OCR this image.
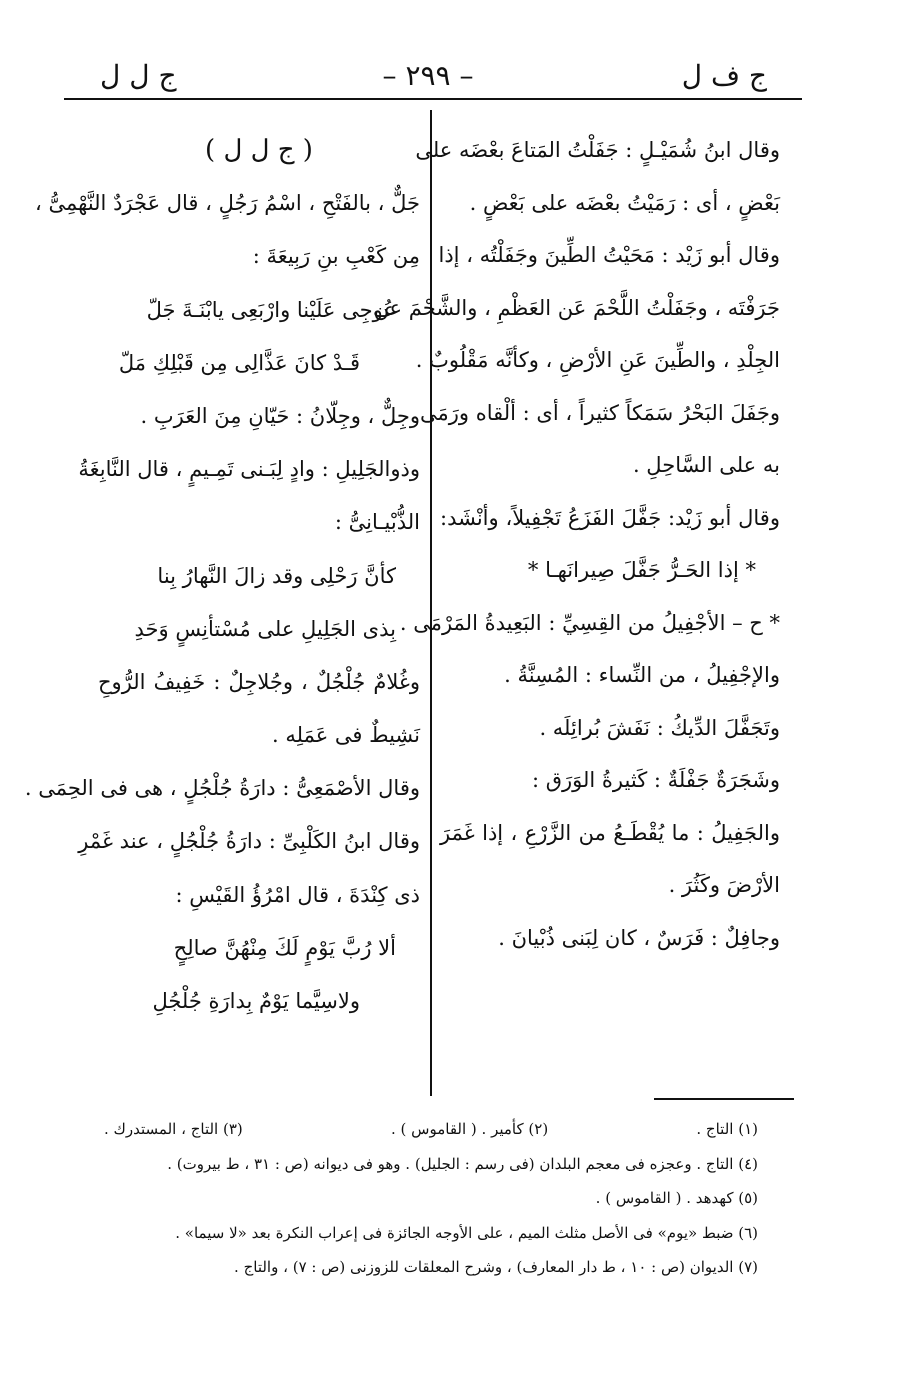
ج ف ل
– ٢٩٩ –
ج ل ل
وقال ابنُ شُمَيْـلٍ : جَفَلْتُ المَتاعَ بعْضَه على
بَعْضٍ ، أى : رَمَيْتُ بعْضَه على بَعْضٍ .
وقال أبو زَيْد : مَحَيْتُ الطِّينَ وجَفَلْتُه ، إذا
جَرَفْتَه ، وجَفَلْتُ اللَّحْمَ عَن العَظْمِ ، والشَّحْمَ عن
الجِلْدِ ، والطِّينَ عَنِ الأرْضِ ، وكأنَّه مَقْلُوبٌ .
وجَفَلَ البَحْرُ سَمَكاً كثيراً ، أى : ألْقاه ورَمَى
به على السَّاحِلِ .
وقال أبو زَيْد: جَفَّلَ الفَزَعُ تَجْفِيلاً، وأنْشَد:
* إذا الحَـرُّ جَفَّلَ صِيرانَهـا *
* ح – الأجْفِيلُ من القِسِيِّ : البَعِيدةُ المَرْمَى .
والإجْفِيلُ ، من النِّساء : المُسِنَّةُ .
وتَجَفَّلَ الدِّيكُ : نَفَشَ بُرائِلَه .
وشَجَرَةٌ جَفْلَةٌ : كَثيرةُ الوَرَق :
والجَفِيلُ : ما يُقْطَـعُ من الزَّرْعِ ، إذا غَمَرَ
الأرْضَ وكَثُرَ .
وجافِلٌ : فَرَسٌ ، كان لِبَنى ذُبْيانَ .
( ج ل ل )
جَلٌّ ، بالفَتْحِ ، اسْمُ رَجُلٍ ، قال عَجْرَدٌ النَّهْمِىُّ ،
مِن كَعْبِ بنِ رَبِيعَةَ :
عُوجِى عَلَيْنا وارْبَعِى يابْنَـةَ جَلّ
قَـدْ كانَ عَذَّالِى مِن قَبْلِكِ مَلّ
وجِلٌّ ، وجِلّانُ : حَيّانِ مِنَ العَرَبِ .
وذوالجَلِيلِ : وادٍ لِبَـنى تَمِـيمٍ ، قال النَّابِغَةُ
الذُّبْيـانِىُّ :
كأنَّ رَحْلِى وقد زالَ النَّهارُ بِنا
بِذى الجَلِيلِ على مُسْتأنِسٍ وَحَدِ
وغُلامٌ جُلْجُلٌ ، وجُلاجِلٌ : خَفِيفُ الرُّوحِ
نَشِيطٌ فى عَمَلِه .
وقال الأصْمَعِىُّ : دارَةُ جُلْجُلٍ ، هى فى الحِمَى .
وقال ابنُ الكَلْبِىِّ : دارَةُ جُلْجُلٍ ، عند غَمْرِ
ذى كِنْدَةَ ، قال امْرُؤُ القَيْسِ :
ألا رُبَّ يَوْمٍ لَكَ مِنْهُنَّ صالِحٍ
ولاسِيَّما يَوْمٌ بِدارَةِ جُلْجُلِ
(١) التاج .
(٢) كأمير . ( القاموس ) .
(٣) التاج ، المستدرك .
(٤) التاج . وعجزه فى معجم البلدان (فى رسم : الجليل) . وهو فى ديوانه (ص : ٣١ ، ط بيروت) .
(٥) كهدهد . ( القاموس ) .
(٦) ضبط «يوم» فى الأصل مثلث الميم ، على الأوجه الجائزة فى إعراب النكرة بعد «لا سيما» .
(٧) الديوان (ص : ١٠ ، ط دار المعارف) ، وشرح المعلقات للزوزنى (ص : ٧) ، والتاج .
